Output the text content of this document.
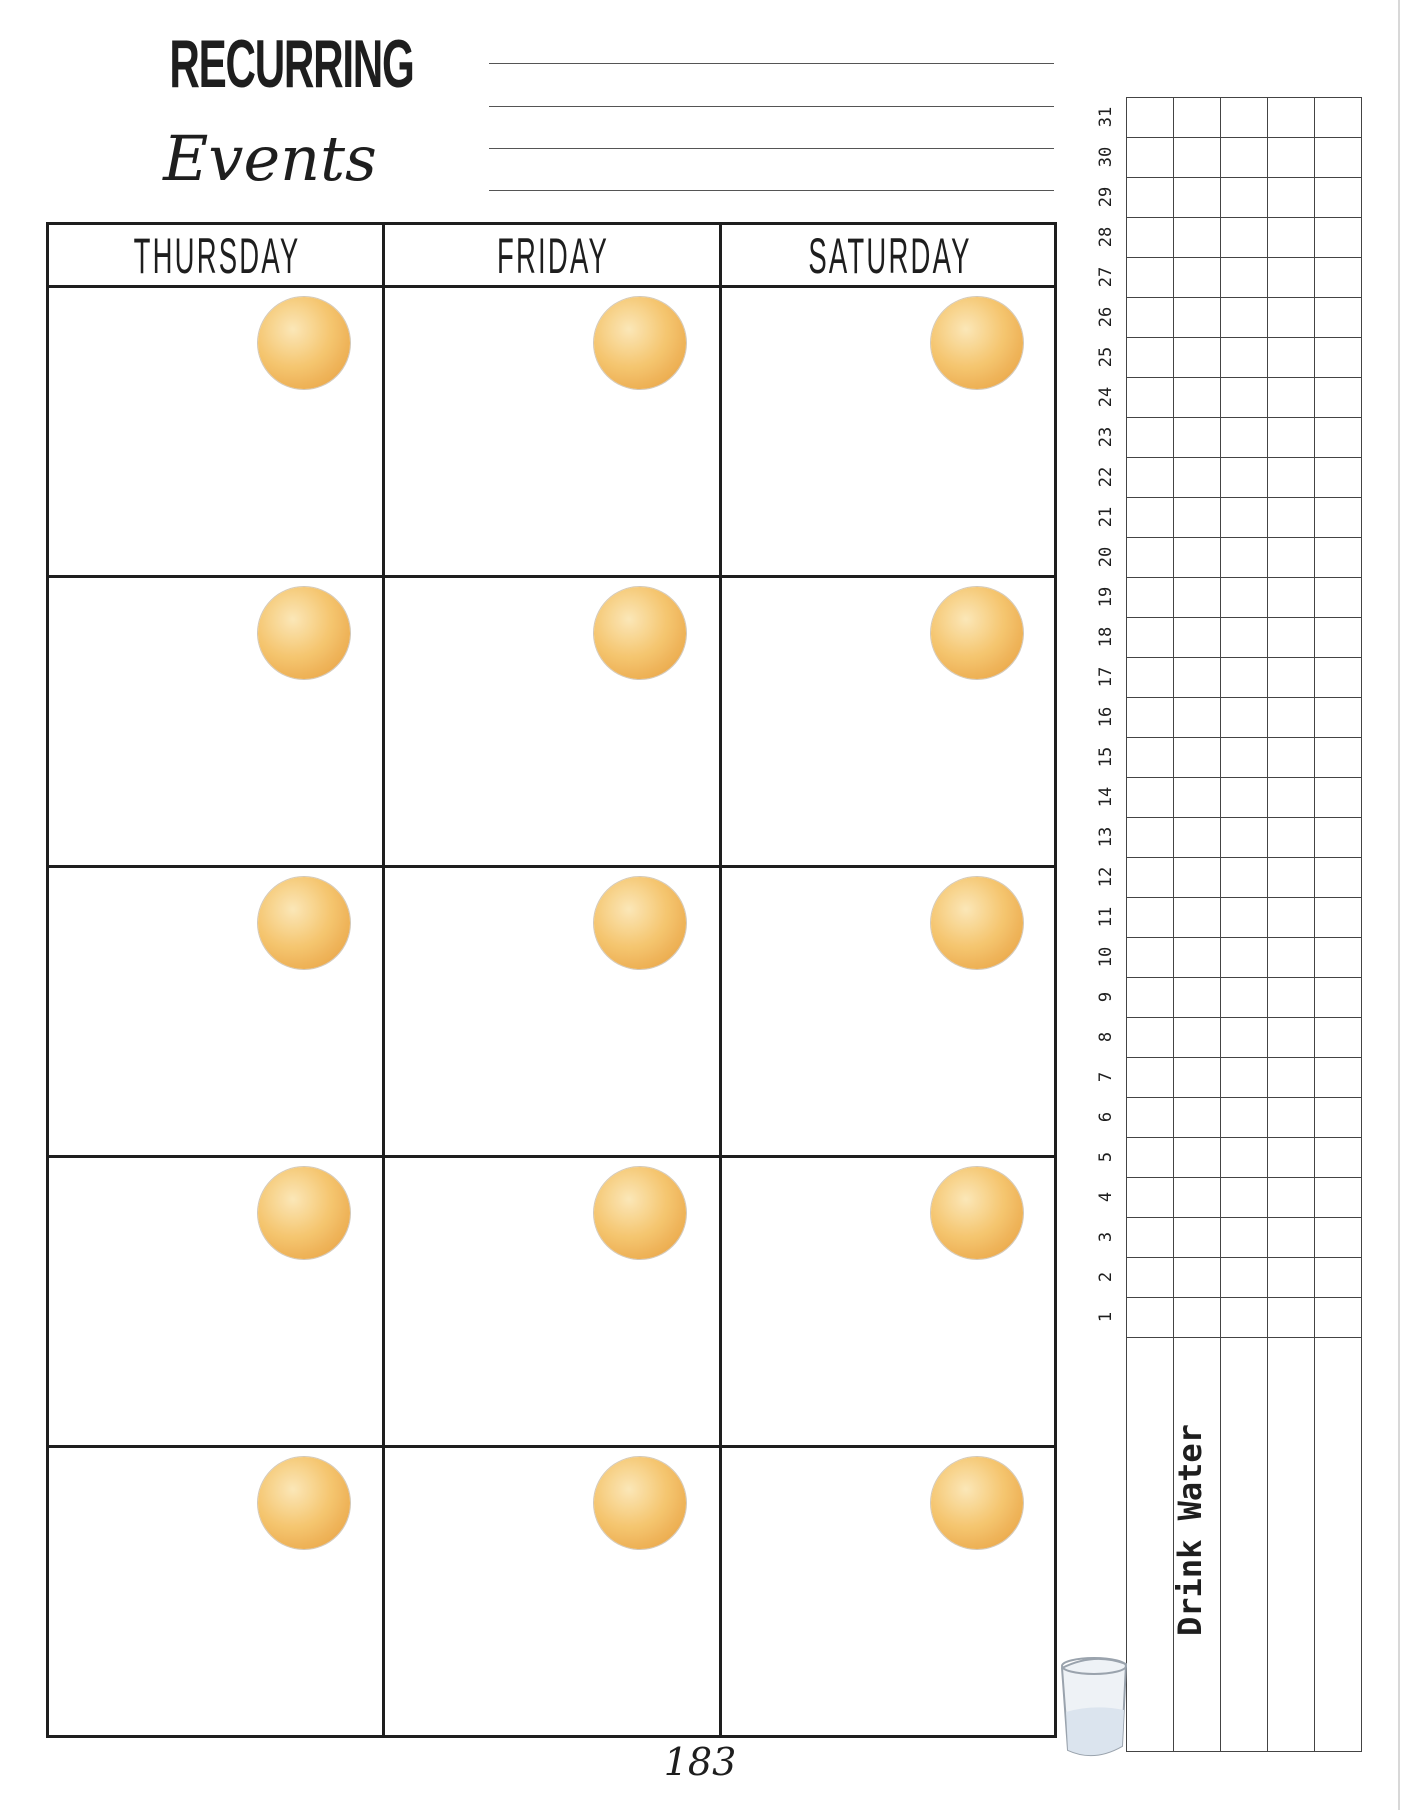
RECURRING
Events
THURSDAY	FRIDAY	SATURDAY
1
2
3
4
5
6
7
8
9
10
11
12
13
14
15
16
17
18
19
20
21
22
23
24
25
26
27
28
29
30
31
Drink Water
183
